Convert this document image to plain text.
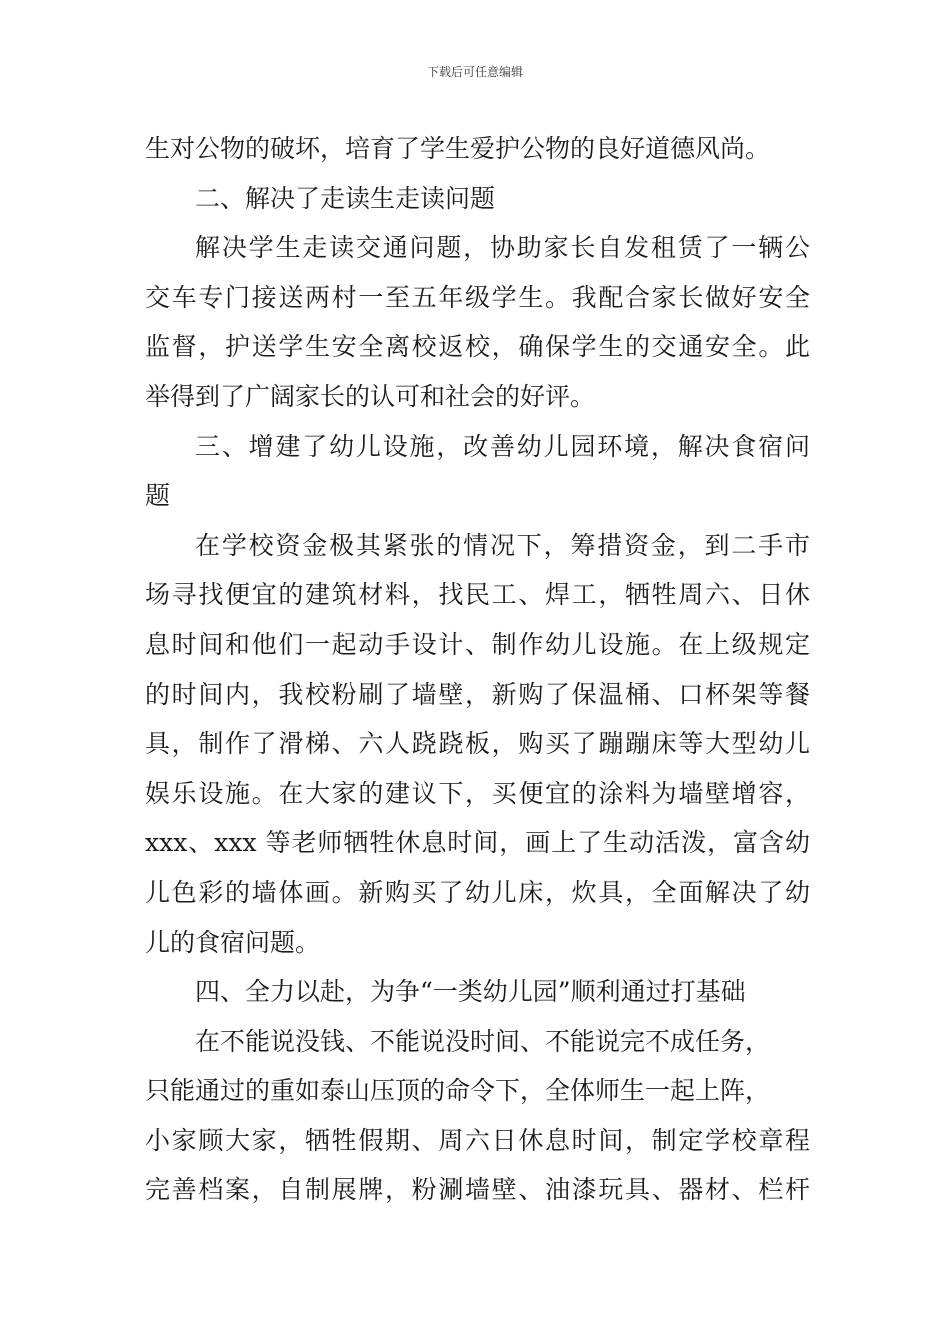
下载后可任意编辑
生对公物的破坏，培育了学生爱护公物的良好道德风尚。
二、解决了走读生走读问题
解决学生走读交通问题，协助家长自发租赁了一辆公
交车专门接送两村一至五年级学生。我配合家长做好安全
监督，护送学生安全离校返校，确保学生的交通安全。此
举得到了广阔家长的认可和社会的好评。
三、增建了幼儿设施，改善幼儿园环境，解决食宿问
题
在学校资金极其紧张的情况下，筹措资金，到二手市
场寻找便宜的建筑材料，找民工、焊工，牺牲周六、日休
息时间和他们一起动手设计、制作幼儿设施。在上级规定
的时间内，我校粉刷了墙壁，新购了保温桶、口杯架等餐
具，制作了滑梯、六人跷跷板，购买了蹦蹦床等大型幼儿
娱乐设施。在大家的建议下，买便宜的涂料为墙壁增容，
xxx、xxx 等老师牺牲休息时间，画上了生动活泼，富含幼
儿色彩的墙体画。新购买了幼儿床，炊具，全面解决了幼
儿的食宿问题。
四、全力以赴，为争“一类幼儿园”顺利通过打基础
在不能说没钱、不能说没时间、不能说完不成任务，
只能通过的重如泰山压顶的命令下，全体师生一起上阵，
小家顾大家，牺牲假期、周六日休息时间，制定学校章程
完善档案，自制展牌，粉涮墙壁、油漆玩具、器材、栏杆
